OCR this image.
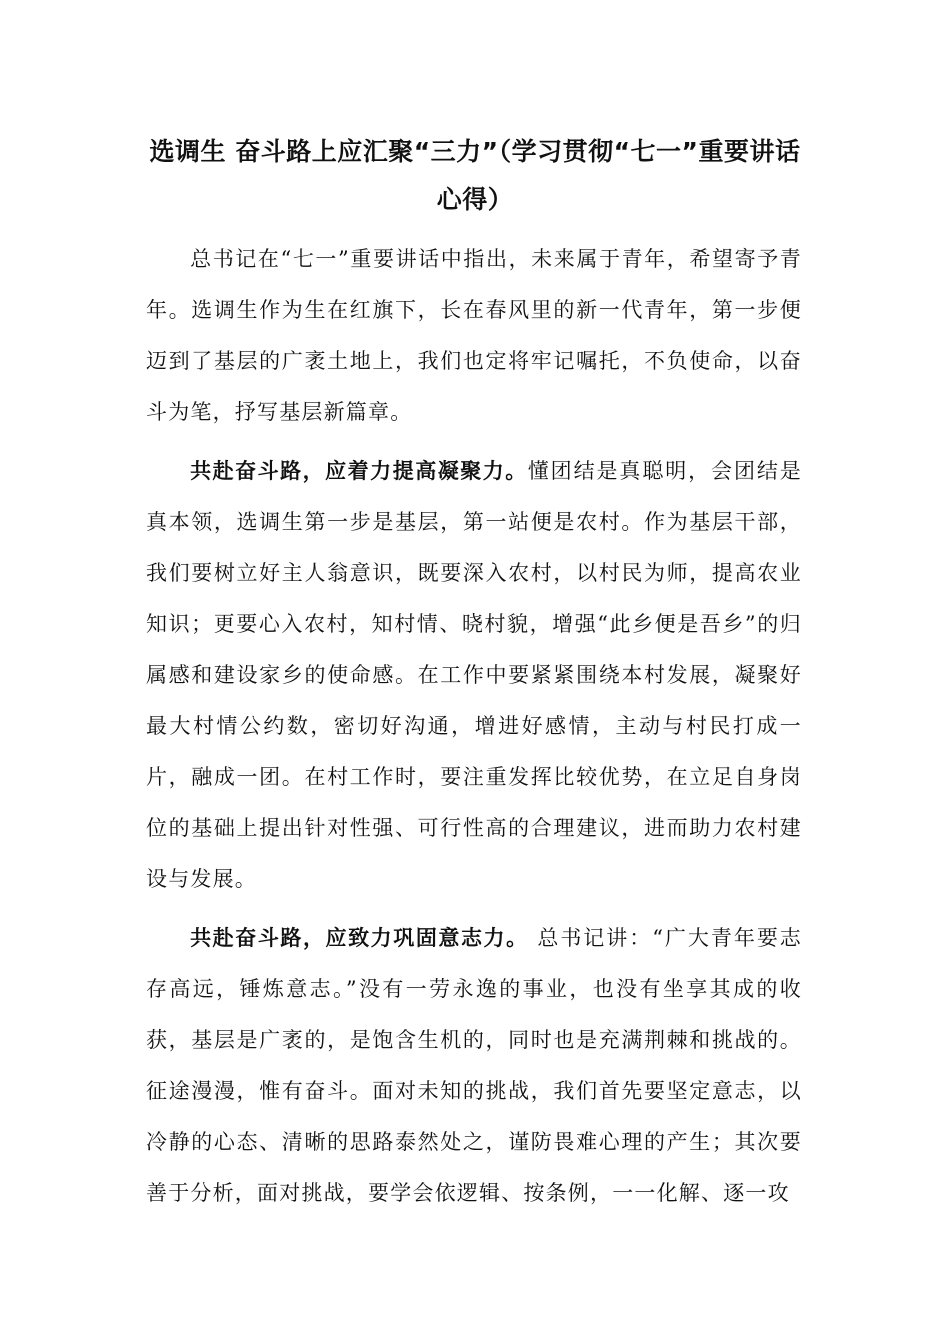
选调生 奋斗路上应汇聚“三力”（学习贯彻“七一”重要讲话心得）

总书记在“七一”重要讲话中指出，未来属于青年，希望寄予青年。选调生作为生在红旗下，长在春风里的新一代青年，第一步便迈到了基层的广袤土地上，我们也定将牢记嘱托，不负使命，以奋斗为笔，抒写基层新篇章。

共赴奋斗路，应着力提高凝聚力。懂团结是真聪明，会团结是真本领，选调生第一步是基层，第一站便是农村。作为基层干部，我们要树立好主人翁意识，既要深入农村，以村民为师，提高农业知识；更要心入农村，知村情、晓村貌，增强“此乡便是吾乡”的归属感和建设家乡的使命感。在工作中要紧紧围绕本村发展，凝聚好最大村情公约数，密切好沟通，增进好感情，主动与村民打成一片，融成一团。在村工作时，要注重发挥比较优势，在立足自身岗位的基础上提出针对性强、可行性高的合理建议，进而助力农村建设与发展。

共赴奋斗路，应致力巩固意志力。 总书记讲：“广大青年要志存高远，锤炼意志。”没有一劳永逸的事业，也没有坐享其成的收获，基层是广袤的，是饱含生机的，同时也是充满荆棘和挑战的。征途漫漫，惟有奋斗。面对未知的挑战，我们首先要坚定意志，以冷静的心态、清晰的思路泰然处之，谨防畏难心理的产生；其次要善于分析，面对挑战，要学会依逻辑、按条例，一一化解、逐一攻
